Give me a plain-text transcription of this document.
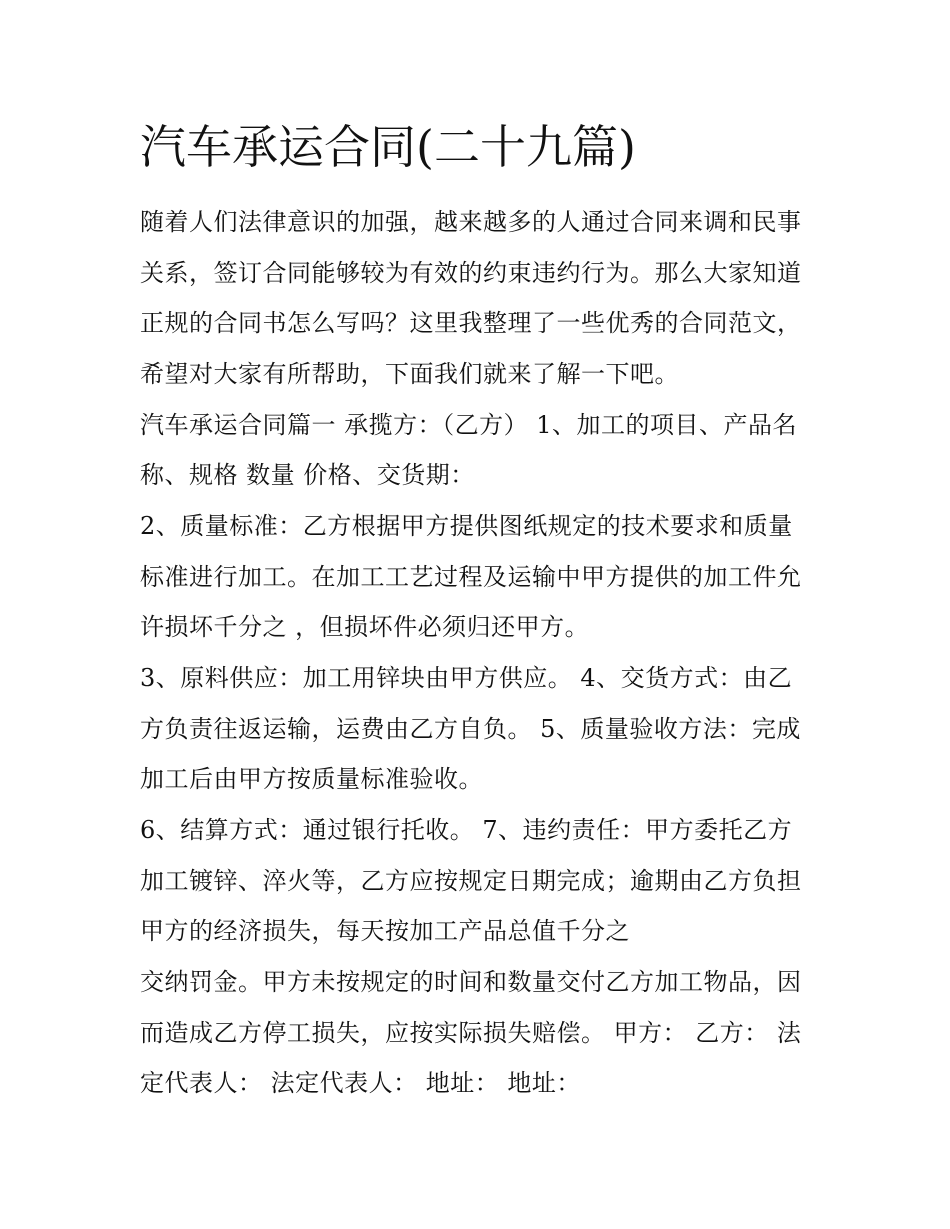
汽车承运合同(二十九篇)

随着人们法律意识的加强，越来越多的人通过合同来调和民事

关系，签订合同能够较为有效的约束违约行为。那么大家知道

正规的合同书怎么写吗？这里我整理了一些优秀的合同范文，

希望对大家有所帮助，下面我们就来了解一下吧。

汽车承运合同篇一 承揽方：（乙方） 1、加工的项目、产品名

称、规格 数量 价格、交货期：

2、质量标准：乙方根据甲方提供图纸规定的技术要求和质量

标准进行加工。在加工工艺过程及运输中甲方提供的加工件允

许损坏千分之 ，但损坏件必须归还甲方。

3、原料供应：加工用锌块由甲方供应。 4、交货方式：由乙

方负责往返运输，运费由乙方自负。 5、质量验收方法：完成

加工后由甲方按质量标准验收。

6、结算方式：通过银行托收。 7、违约责任：甲方委托乙方

加工镀锌、淬火等，乙方应按规定日期完成；逾期由乙方负担

甲方的经济损失，每天按加工产品总值千分之

交纳罚金。甲方未按规定的时间和数量交付乙方加工物品，因

而造成乙方停工损失，应按实际损失赔偿。 甲方： 乙方： 法

定代表人： 法定代表人： 地址： 地址：
